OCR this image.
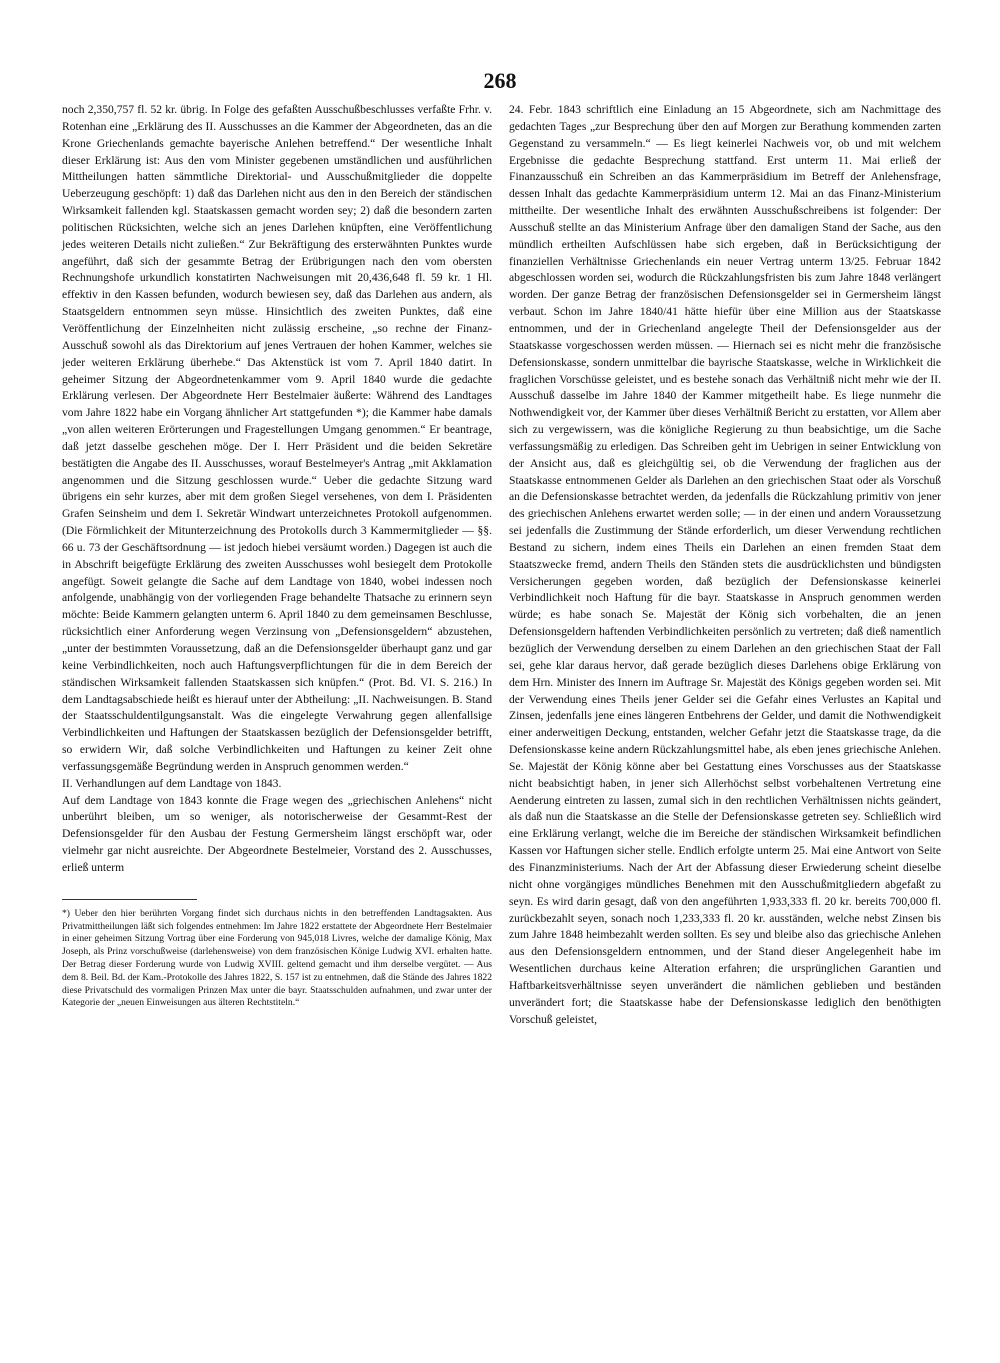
268

noch 2,350,757 fl. 52 kr. übrig. In Folge des gefaßten Ausschußbeschlusses verfaßte Frhr. v. Rotenhan eine „Erklärung des II. Ausschusses an die Kammer der Abgeordneten, das an die Krone Griechenlands gemachte bayerische Anlehen betreffend.“ Der wesentliche Inhalt dieser Erklärung ist: Aus den vom Minister gegebenen umständlichen und ausführlichen Mittheilungen hatten sämmtliche Direktorial- und Ausschußmitglieder die doppelte Ueberzeugung geschöpft: 1) daß das Darlehen nicht aus den in den Bereich der ständischen Wirksamkeit fallenden kgl. Staatskassen gemacht worden sey; 2) daß die besondern zarten politischen Rücksichten, welche sich an jenes Darlehen knüpften, eine Veröffentlichung jedes weiteren Details nicht zuließen.“ Zur Bekräftigung des ersterwähnten Punktes wurde angeführt, daß sich der gesammte Betrag der Erübrigungen nach den vom obersten Rechnungshofe urkundlich konstatirten Nachweisungen mit 20,436,648 fl. 59 kr. 1 Hl. effektiv in den Kassen befunden, wodurch bewiesen sey, daß das Darlehen aus andern, als Staatsgeldern entnommen seyn müsse. Hinsichtlich des zweiten Punktes, daß eine Veröffentlichung der Einzelnheiten nicht zulässig erscheine, „so rechne der Finanz-Ausschuß sowohl als das Direktorium auf jenes Vertrauen der hohen Kammer, welches sie jeder weiteren Erklärung überhebe.“ Das Aktenstück ist vom 7. April 1840 datirt. In geheimer Sitzung der Abgeordnetenkammer vom 9. April 1840 wurde die gedachte Erklärung verlesen. Der Abgeordnete Herr Bestelmaier äußerte: Während des Landtages vom Jahre 1822 habe ein Vorgang ähnlicher Art stattgefunden *); die Kammer habe damals „von allen weiteren Erörterungen und Fragestellungen Umgang genommen.“ Er beantrage, daß jetzt dasselbe geschehen möge. Der I. Herr Präsident und die beiden Sekretäre bestätigten die Angabe des II. Ausschusses, worauf Bestelmeyer's Antrag „mit Akklamation angenommen und die Sitzung geschlossen wurde.“ Ueber die gedachte Sitzung ward übrigens ein sehr kurzes, aber mit dem großen Siegel versehenes, von dem I. Präsidenten Grafen Seinsheim und dem I. Sekretär Windwart unterzeichnetes Protokoll aufgenommen. (Die Förmlichkeit der Mitunterzeichnung des Protokolls durch 3 Kammermitglieder — §§. 66 u. 73 der Geschäftsordnung — ist jedoch hiebei versäumt worden.) Dagegen ist auch die in Abschrift beigefügte Erklärung des zweiten Ausschusses wohl besiegelt dem Protokolle angefügt. Soweit gelangte die Sache auf dem Landtage von 1840, wobei indessen noch anfolgende, unabhängig von der vorliegenden Frage behandelte Thatsache zu erinnern seyn möchte: Beide Kammern gelangten unterm 6. April 1840 zu dem gemeinsamen Beschlusse, rücksichtlich einer Anforderung wegen Verzinsung von „Defensionsgeldern“ abzustehen, „unter der bestimmten Voraussetzung, daß an die Defensionsgelder überhaupt ganz und gar keine Verbindlichkeiten, noch auch Haftungsverpflichtungen für die in dem Bereich der ständischen Wirksamkeit fallenden Staatskassen sich knüpfen.“ (Prot. Bd. VI. S. 216.) In dem Landtagsabschiede heißt es hierauf unter der Abtheilung: „II. Nachweisungen. B. Stand der Staatsschuldentilgungsanstalt. Was die eingelegte Verwahrung gegen allenfallsige Verbindlichkeiten und Haftungen der Staatskassen bezüglich der Defensionsgelder betrifft, so erwidern Wir, daß solche Verbindlichkeiten und Haftungen zu keiner Zeit ohne verfassungsgemäße Begründung werden in Anspruch genommen werden.“

II. Verhandlungen auf dem Landtage von 1843.

Auf dem Landtage von 1843 konnte die Frage wegen des „griechischen Anlehens“ nicht unberührt bleiben, um so weniger, als notorischerweise der Gesammt-Rest der Defensionsgelder für den Ausbau der Festung Germersheim längst erschöpft war, oder vielmehr gar nicht ausreichte. Der Abgeordnete Bestelmeier, Vorstand des 2. Ausschusses, erließ unterm

*) Ueber den hier berührten Vorgang findet sich durchaus nichts in den betreffenden Landtagsakten. Aus Privatmittheilungen läßt sich folgendes entnehmen: Im Jahre 1822 erstattete der Abgeordnete Herr Bestelmaier in einer geheimen Sitzung Vortrag über eine Forderung von 945,018 Livres, welche der damalige König, Max Joseph, als Prinz vorschußweise (darlehensweise) von dem französischen Könige Ludwig XVI. erhalten hatte. Der Betrag dieser Forderung wurde von Ludwig XVIII. geltend gemacht und ihm derselbe vergütet. — Aus dem 8. Beil. Bd. der Kam.-Protokolle des Jahres 1822, S. 157 ist zu entnehmen, daß die Stände des Jahres 1822 diese Privatschuld des vormaligen Prinzen Max unter die bayr. Staatsschulden aufnahmen, und zwar unter der Kategorie der „neuen Einweisungen aus älteren Rechtstiteln.“

24. Febr. 1843 schriftlich eine Einladung an 15 Abgeordnete, sich am Nachmittage des gedachten Tages „zur Besprechung über den auf Morgen zur Berathung kommenden zarten Gegenstand zu versammeln.“ — Es liegt keinerlei Nachweis vor, ob und mit welchem Ergebnisse die gedachte Besprechung stattfand. Erst unterm 11. Mai erließ der Finanzausschuß ein Schreiben an das Kammerpräsidium im Betreff der Anlehensfrage, dessen Inhalt das gedachte Kammerpräsidium unterm 12. Mai an das Finanz-Ministerium mittheilte. Der wesentliche Inhalt des erwähnten Ausschußschreibens ist folgender: Der Ausschuß stellte an das Ministerium Anfrage über den damaligen Stand der Sache, aus den mündlich ertheilten Aufschlüssen habe sich ergeben, daß in Berücksichtigung der finanziellen Verhältnisse Griechenlands ein neuer Vertrag unterm 13/25. Februar 1842 abgeschlossen worden sei, wodurch die Rückzahlungsfristen bis zum Jahre 1848 verlängert worden. Der ganze Betrag der französischen Defensionsgelder sei in Germersheim längst verbaut. Schon im Jahre 1840/41 hätte hiefür über eine Million aus der Staatskasse entnommen, und der in Griechenland angelegte Theil der Defensionsgelder aus der Staatskasse vorgeschossen werden müssen. — Hiernach sei es nicht mehr die französische Defensionskasse, sondern unmittelbar die bayrische Staatskasse, welche in Wirklichkeit die fraglichen Vorschüsse geleistet, und es bestehe sonach das Verhältniß nicht mehr wie der II. Ausschuß dasselbe im Jahre 1840 der Kammer mitgetheilt habe. Es liege nunmehr die Nothwendigkeit vor, der Kammer über dieses Verhältniß Bericht zu erstatten, vor Allem aber sich zu vergewissern, was die königliche Regierung zu thun beabsichtige, um die Sache verfassungsmäßig zu erledigen. Das Schreiben geht im Uebrigen in seiner Entwicklung von der Ansicht aus, daß es gleichgültig sei, ob die Verwendung der fraglichen aus der Staatskasse entnommenen Gelder als Darlehen an den griechischen Staat oder als Vorschuß an die Defensionskasse betrachtet werden, da jedenfalls die Rückzahlung primitiv von jener des griechischen Anlehens erwartet werden solle; — in der einen und andern Voraussetzung sei jedenfalls die Zustimmung der Stände erforderlich, um dieser Verwendung rechtlichen Bestand zu sichern, indem eines Theils ein Darlehen an einen fremden Staat dem Staatszwecke fremd, andern Theils den Ständen stets die ausdrücklichsten und bündigsten Versicherungen gegeben worden, daß bezüglich der Defensionskasse keinerlei Verbindlichkeit noch Haftung für die bayr. Staatskasse in Anspruch genommen werden würde; es habe sonach Se. Majestät der König sich vorbehalten, die an jenen Defensionsgeldern haftenden Verbindlichkeiten persönlich zu vertreten; daß dieß namentlich bezüglich der Verwendung derselben zu einem Darlehen an den griechischen Staat der Fall sei, gehe klar daraus hervor, daß gerade bezüglich dieses Darlehens obige Erklärung von dem Hrn. Minister des Innern im Auftrage Sr. Majestät des Königs gegeben worden sei. Mit der Verwendung eines Theils jener Gelder sei die Gefahr eines Verlustes an Kapital und Zinsen, jedenfalls jene eines längeren Entbehrens der Gelder, und damit die Nothwendigkeit einer anderweitigen Deckung, entstanden, welcher Gefahr jetzt die Staatskasse trage, da die Defensionskasse keine andern Rückzahlungsmittel habe, als eben jenes griechische Anlehen. Se. Majestät der König könne aber bei Gestattung eines Vorschusses aus der Staatskasse nicht beabsichtigt haben, in jener sich Allerhöchst selbst vorbehaltenen Vertretung eine Aenderung eintreten zu lassen, zumal sich in den rechtlichen Verhältnissen nichts geändert, als daß nun die Staatskasse an die Stelle der Defensionskasse getreten sey. Schließlich wird eine Erklärung verlangt, welche die im Bereiche der ständischen Wirksamkeit befindlichen Kassen vor Haftungen sicher stelle. Endlich erfolgte unterm 25. Mai eine Antwort von Seite des Finanzministeriums. Nach der Art der Abfassung dieser Erwiederung scheint dieselbe nicht ohne vorgängiges mündliches Benehmen mit den Ausschußmitgliedern abgefaßt zu seyn. Es wird darin gesagt, daß von den angeführten 1,933,333 fl. 20 kr. bereits 700,000 fl. zurückbezahlt seyen, sonach noch 1,233,333 fl. 20 kr. ausständen, welche nebst Zinsen bis zum Jahre 1848 heimbezahlt werden sollten. Es sey und bleibe also das griechische Anlehen aus den Defensionsgeldern entnommen, und der Stand dieser Angelegenheit habe im Wesentlichen durchaus keine Alteration erfahren; die ursprünglichen Garantien und Haftbarkeitsverhältnisse seyen unverändert die nämlichen geblieben und beständen unverändert fort; die Staatskasse habe der Defensionskasse lediglich den benöthigten Vorschuß geleistet,
